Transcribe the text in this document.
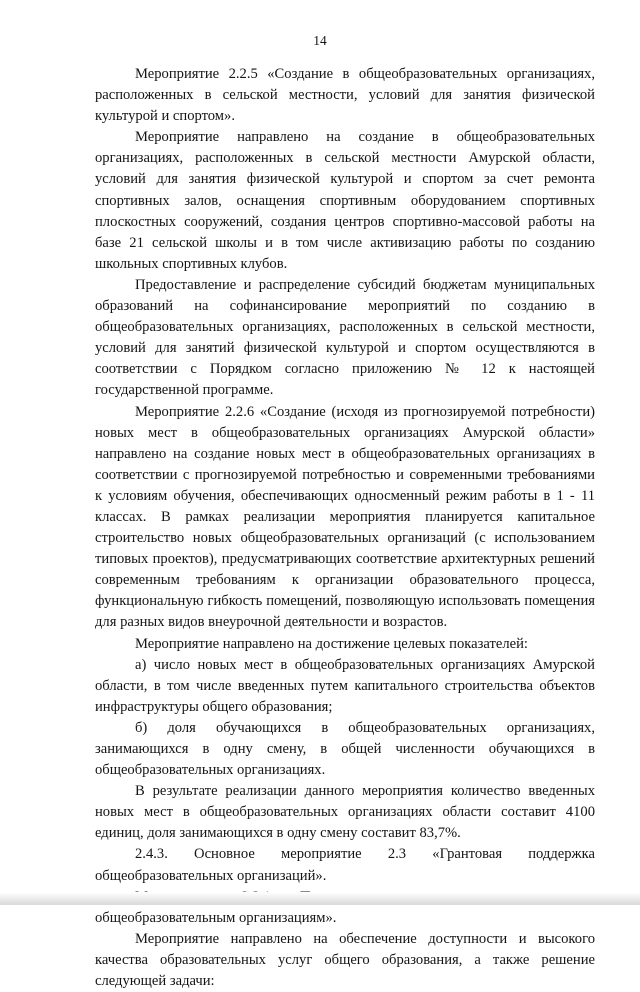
14

Мероприятие 2.2.5 «Создание в общеобразовательных организациях, расположенных в сельской местности, условий для занятия физической культурой и спортом».

Мероприятие направлено на создание в общеобразовательных организациях, расположенных в сельской местности Амурской области, условий для занятия физической культурой и спортом за счет ремонта спортивных залов, оснащения спортивным оборудованием спортивных плоскостных сооружений, создания центров спортивно-массовой работы на базе 21 сельской школы и в том числе активизацию работы по созданию школьных спортивных клубов.

Предоставление и распределение субсидий бюджетам муниципальных образований на софинансирование мероприятий по созданию в общеобразовательных организациях, расположенных в сельской местности, условий для занятий физической культурой и спортом осуществляются в соответствии с Порядком согласно приложению № 12 к настоящей государственной программе.

Мероприятие 2.2.6 «Создание (исходя из прогнозируемой потребности) новых мест в общеобразовательных организациях Амурской области» направлено на создание новых мест в общеобразовательных организациях в соответствии с прогнозируемой потребностью и современными требованиями к условиям обучения, обеспечивающих односменный режим работы в 1 - 11 классах. В рамках реализации мероприятия планируется капитальное строительство новых общеобразовательных организаций (с использованием типовых проектов), предусматривающих соответствие архитектурных решений современным требованиям к организации образовательного процесса, функциональную гибкость помещений, позволяющую использовать помещения для разных видов внеурочной деятельности и возрастов.

Мероприятие направлено на достижение целевых показателей:

а) число новых мест в общеобразовательных организациях Амурской области, в том числе введенных путем капитального строительства объектов инфраструктуры общего образования;

б) доля обучающихся в общеобразовательных организациях, занимающихся в одну смену, в общей численности обучающихся в общеобразовательных организациях.

В результате реализации данного мероприятия количество введенных новых мест в общеобразовательных организациях области составит 4100 единиц, доля занимающихся в одну смену составит 83,7%.

2.4.3. Основное мероприятие 2.3 «Грантовая поддержка общеобразовательных организаций».

общеобразовательным организациям».

Мероприятие направлено на обеспечение доступности и высокого качества образовательных услуг общего образования, а также решение следующей задачи:
